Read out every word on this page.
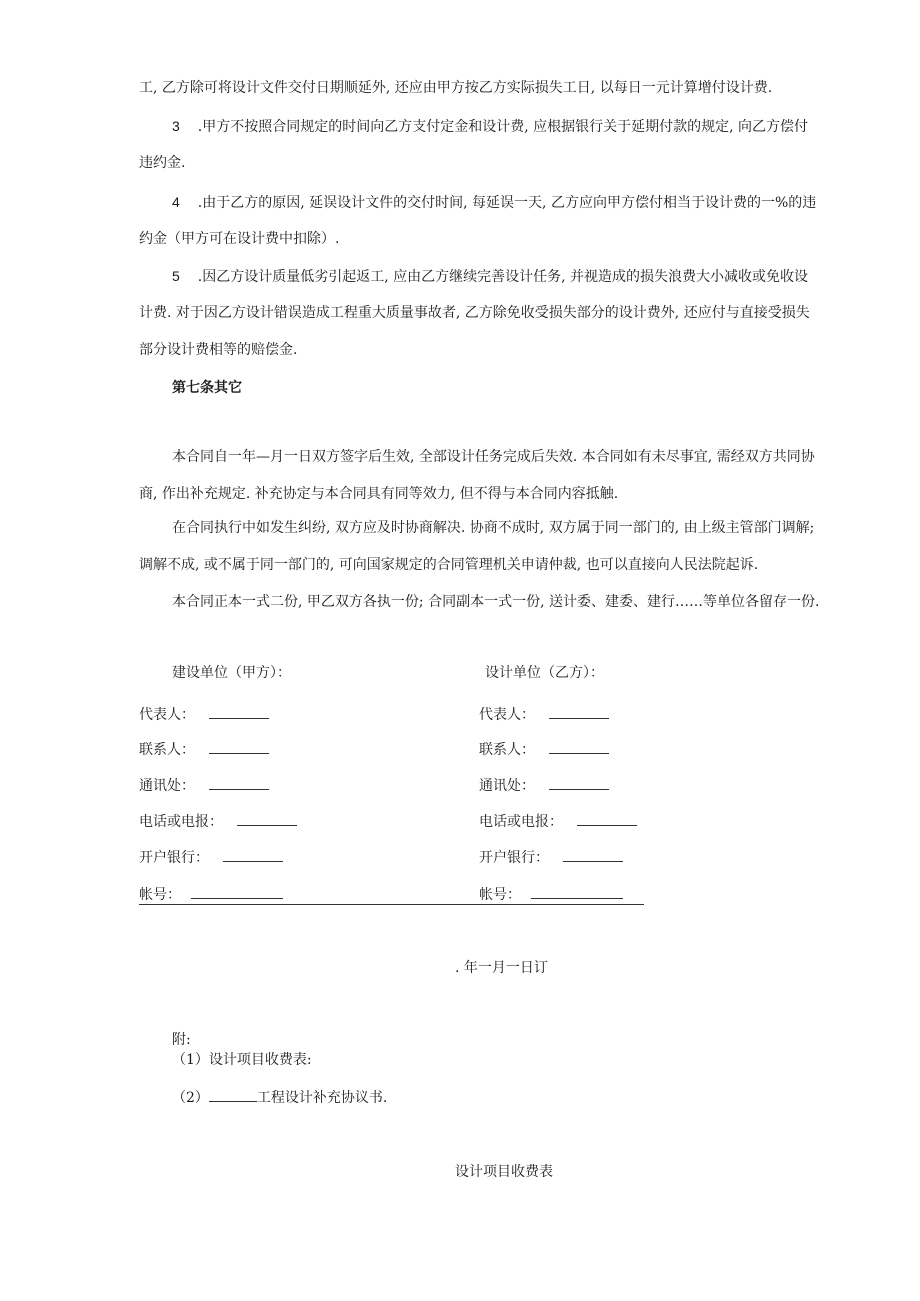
工, 乙方除可将设计文件交付日期顺延外, 还应由甲方按乙方实际损失工日, 以每日一元计算增付设计费.
3 .甲方不按照合同规定的时间向乙方支付定金和设计费, 应根据银行关于延期付款的规定, 向乙方偿付
违约金.
4 .由于乙方的原因, 延误设计文件的交付时间, 每延误一天, 乙方应向甲方偿付相当于设计费的一%的违
约金（甲方可在设计费中扣除）.
5 .因乙方设计质量低劣引起返工, 应由乙方继续完善设计任务, 并视造成的损失浪费大小减收或免收设
计费. 对于因乙方设计错误造成工程重大质量事故者, 乙方除免收受损失部分的设计费外, 还应付与直接受损失
部分设计费相等的赔偿金.
第七条其它
本合同自一年—月一日双方签字后生效, 全部设计任务完成后失效. 本合同如有未尽事宜, 需经双方共同协
商, 作出补充规定. 补充协定与本合同具有同等效力, 但不得与本合同内容抵触.
在合同执行中如发生纠纷, 双方应及时协商解决. 协商不成时, 双方属于同一部门的, 由上级主管部门调解;
调解不成, 或不属于同一部门的, 可向国家规定的合同管理机关申请仲裁, 也可以直接向人民法院起诉.
本合同正本一式二份, 甲乙双方各执一份; 合同副本一式一份, 送计委、建委、建行……等单位各留存一份.
建设单位（甲方）：	设计单位（乙方）：
代表人：
联系人：
通讯处：
电话或电报：
开户银行：
帐号：
代表人：
联系人：
通讯处：
电话或电报：
开户银行：
帐号：
. 年一月一日订
附:
（1）设计项目收费表:
（2）	工程设计补充协议书.
设计项目收费表
